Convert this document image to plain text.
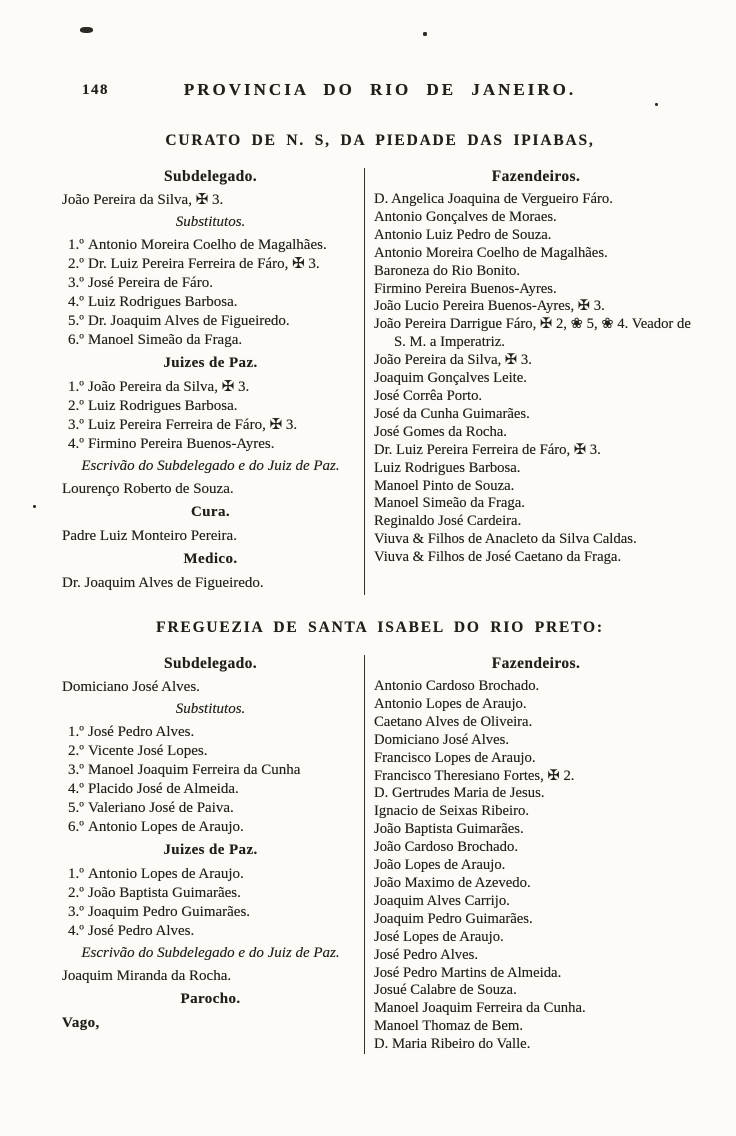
148	PROVINCIA DO RIO DE JANEIRO.
CURATO DE N. S, DA PIEDADE DAS IPIABAS,
Subdelegado.
João Pereira da Silva, ✠ 3.
Substitutos.
1.º Antonio Moreira Coelho de Magalhães.
2.º Dr. Luiz Pereira Ferreira de Fáro, ✠ 3.
3.º José Pereira de Fáro.
4.º Luiz Rodrigues Barbosa.
5.º Dr. Joaquim Alves de Figueiredo.
6.º Manoel Simeão da Fraga.
Juizes de Paz.
1.º João Pereira da Silva, ✠ 3.
2.º Luiz Rodrigues Barbosa.
3.º Luiz Pereira Ferreira de Fáro, ✠ 3.
4.º Firmino Pereira Buenos-Ayres.
Escrivão do Subdelegado e do Juiz de Paz.
Lourenço Roberto de Souza.
Cura.
Padre Luiz Monteiro Pereira.
Medico.
Dr. Joaquim Alves de Figueiredo.
Fazendeiros.
D. Angelica Joaquina de Vergueiro Fáro.
Antonio Gonçalves de Moraes.
Antonio Luiz Pedro de Souza.
Antonio Moreira Coelho de Magalhães.
Baroneza do Rio Bonito.
Firmino Pereira Buenos-Ayres.
João Lucio Pereira Buenos-Ayres, ✠ 3.
João Pereira Darrigue Fáro, ✠ 2, ❀ 5, ❀ 4. Veador de S. M. a Imperatriz.
João Pereira da Silva, ✠ 3.
Joaquim Gonçalves Leite.
José Corrêa Porto.
José da Cunha Guimarães.
José Gomes da Rocha.
Dr. Luiz Pereira Ferreira de Fáro, ✠ 3.
Luiz Rodrigues Barbosa.
Manoel Pinto de Souza.
Manoel Simeão da Fraga.
Reginaldo José Cardeira.
Viuva & Filhos de Anacleto da Silva Caldas.
Viuva & Filhos de José Caetano da Fraga.
FREGUEZIA DE SANTA ISABEL DO RIO PRETO:
Subdelegado.
Domiciano José Alves.
Substitutos.
1.º José Pedro Alves.
2.º Vicente José Lopes.
3.º Manoel Joaquim Ferreira da Cunha
4.º Placido José de Almeida.
5.º Valeriano José de Paiva.
6.º Antonio Lopes de Araujo.
Juizes de Paz.
1.º Antonio Lopes de Araujo.
2.º João Baptista Guimarães.
3.º Joaquim Pedro Guimarães.
4.º José Pedro Alves.
Escrivão do Subdelegado e do Juiz de Paz.
Joaquim Miranda da Rocha.
Parocho.
Vago,
Fazendeiros.
Antonio Cardoso Brochado.
Antonio Lopes de Araujo.
Caetano Alves de Oliveira.
Domiciano José Alves.
Francisco Lopes de Araujo.
Francisco Theresiano Fortes, ✠ 2.
D. Gertrudes Maria de Jesus.
Ignacio de Seixas Ribeiro.
João Baptista Guimarães.
João Cardoso Brochado.
João Lopes de Araujo.
João Maximo de Azevedo.
Joaquim Alves Carrijo.
Joaquim Pedro Guimarães.
José Lopes de Araujo.
José Pedro Alves.
José Pedro Martins de Almeida.
Josué Calabre de Souza.
Manoel Joaquim Ferreira da Cunha.
Manoel Thomaz de Bem.
D. Maria Ribeiro do Valle.
